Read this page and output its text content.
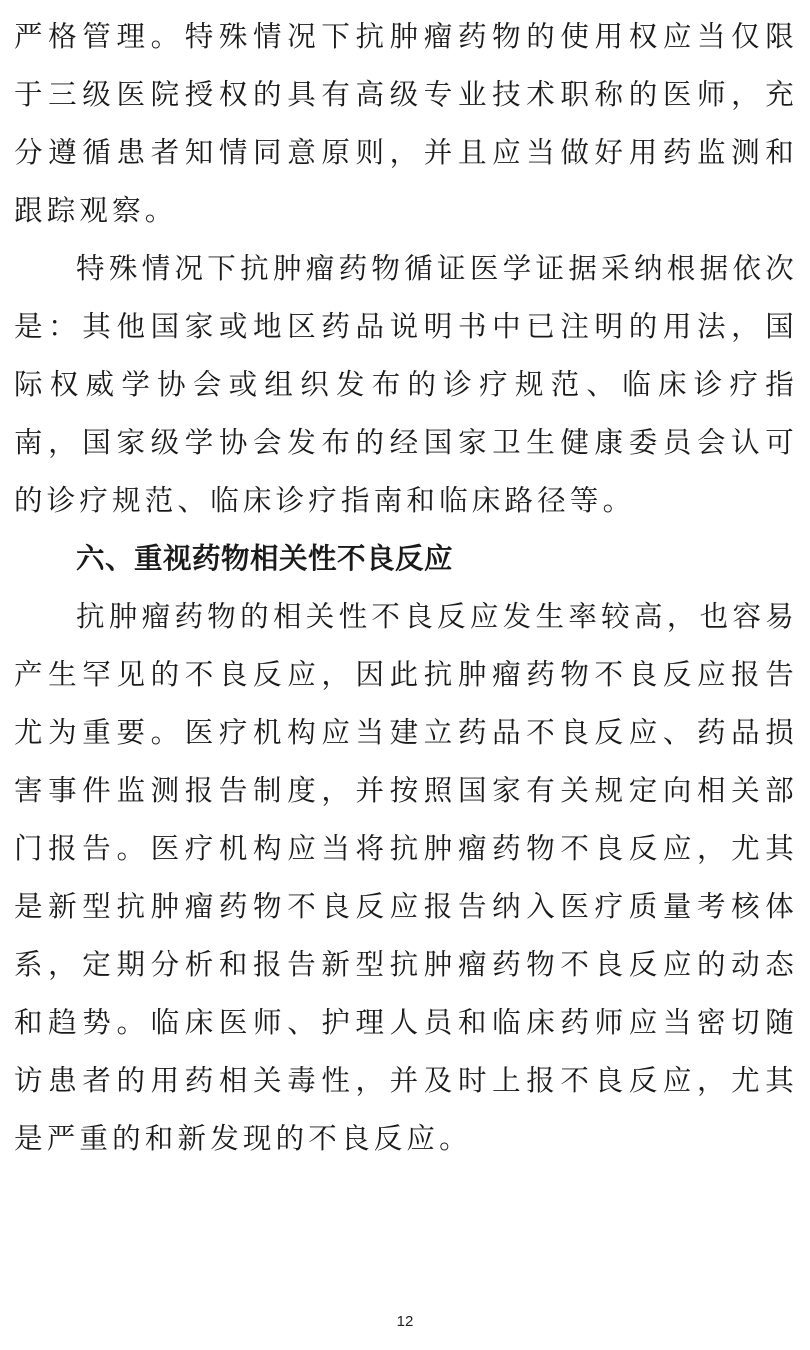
严格管理。特殊情况下抗肿瘤药物的使用权应当仅限于三级医院授权的具有高级专业技术职称的医师，充分遵循患者知情同意原则，并且应当做好用药监测和跟踪观察。

特殊情况下抗肿瘤药物循证医学证据采纳根据依次是：其他国家或地区药品说明书中已注明的用法，国际权威学协会或组织发布的诊疗规范、临床诊疗指南，国家级学协会发布的经国家卫生健康委员会认可的诊疗规范、临床诊疗指南和临床路径等。

六、重视药物相关性不良反应

抗肿瘤药物的相关性不良反应发生率较高，也容易产生罕见的不良反应，因此抗肿瘤药物不良反应报告尤为重要。医疗机构应当建立药品不良反应、药品损害事件监测报告制度，并按照国家有关规定向相关部门报告。医疗机构应当将抗肿瘤药物不良反应，尤其是新型抗肿瘤药物不良反应报告纳入医疗质量考核体系，定期分析和报告新型抗肿瘤药物不良反应的动态和趋势。临床医师、护理人员和临床药师应当密切随访患者的用药相关毒性，并及时上报不良反应，尤其是严重的和新发现的不良反应。

12
